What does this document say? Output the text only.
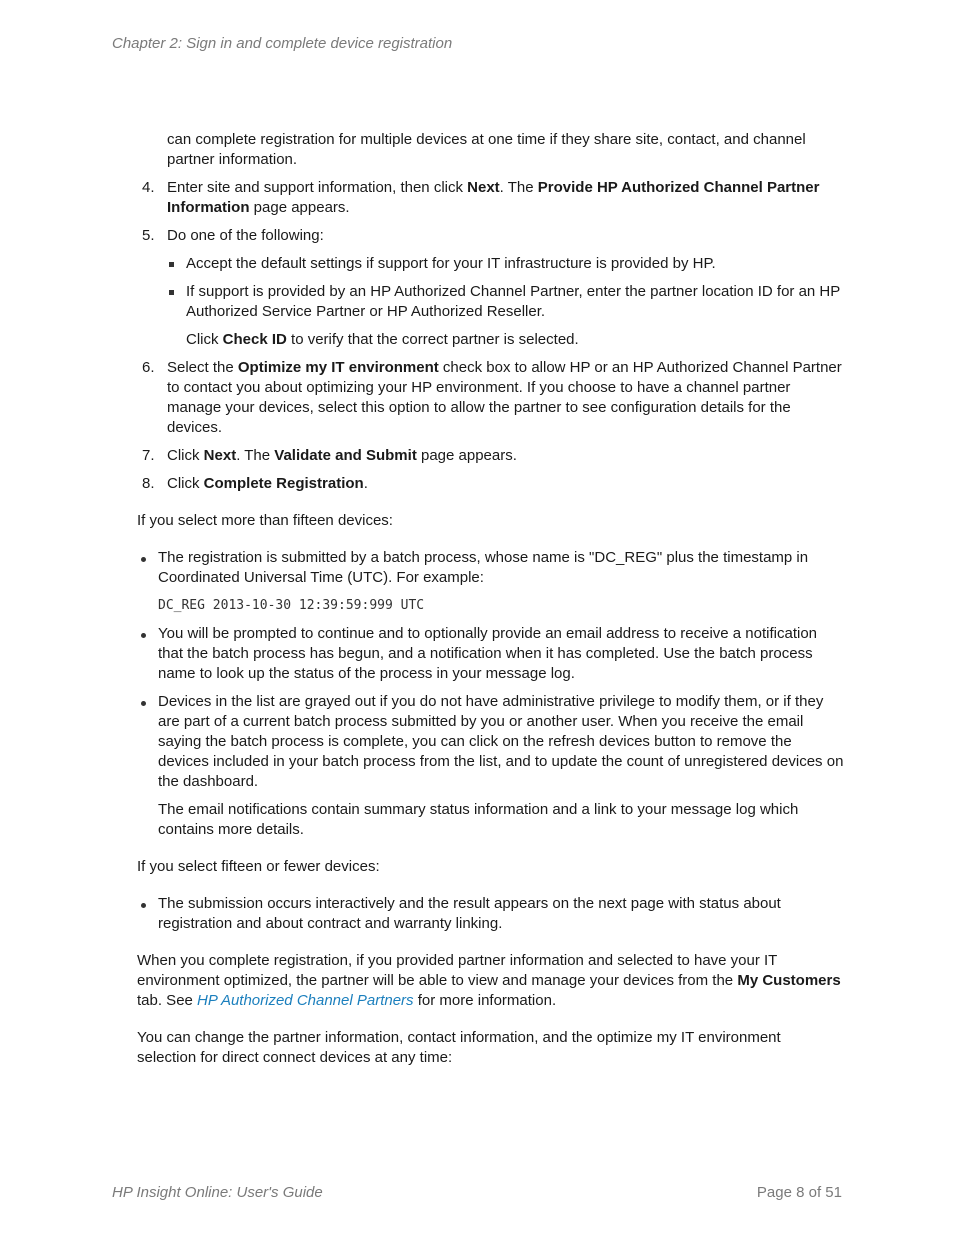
Chapter 2: Sign in and complete device registration

can complete registration for multiple devices at one time if they share site, contact, and channel partner information.

4. Enter site and support information, then click Next. The Provide HP Authorized Channel Partner Information page appears.
5. Do one of the following:
Accept the default settings if support for your IT infrastructure is provided by HP.
If support is provided by an HP Authorized Channel Partner, enter the partner location ID for an HP Authorized Service Partner or HP Authorized Reseller.
Click Check ID to verify that the correct partner is selected.
6. Select the Optimize my IT environment check box to allow HP or an HP Authorized Channel Partner to contact you about optimizing your HP environment. If you choose to have a channel partner manage your devices, select this option to allow the partner to see configuration details for the devices.
7. Click Next. The Validate and Submit page appears.
8. Click Complete Registration.

If you select more than fifteen devices:

The registration is submitted by a batch process, whose name is "DC_REG" plus the timestamp in Coordinated Universal Time (UTC). For example:
DC_REG 2013-10-30 12:39:59:999 UTC
You will be prompted to continue and to optionally provide an email address to receive a notification that the batch process has begun, and a notification when it has completed. Use the batch process name to look up the status of the process in your message log.
Devices in the list are grayed out if you do not have administrative privilege to modify them, or if they are part of a current batch process submitted by you or another user. When you receive the email saying the batch process is complete, you can click on the refresh devices button to remove the devices included in your batch process from the list, and to update the count of unregistered devices on the dashboard.
The email notifications contain summary status information and a link to your message log which contains more details.

If you select fifteen or fewer devices:

The submission occurs interactively and the result appears on the next page with status about registration and about contract and warranty linking.

When you complete registration, if you provided partner information and selected to have your IT environment optimized, the partner will be able to view and manage your devices from the My Customers tab. See HP Authorized Channel Partners for more information.

You can change the partner information, contact information, and the optimize my IT environment selection for direct connect devices at any time:

HP Insight Online: User's Guide	Page 8 of 51
